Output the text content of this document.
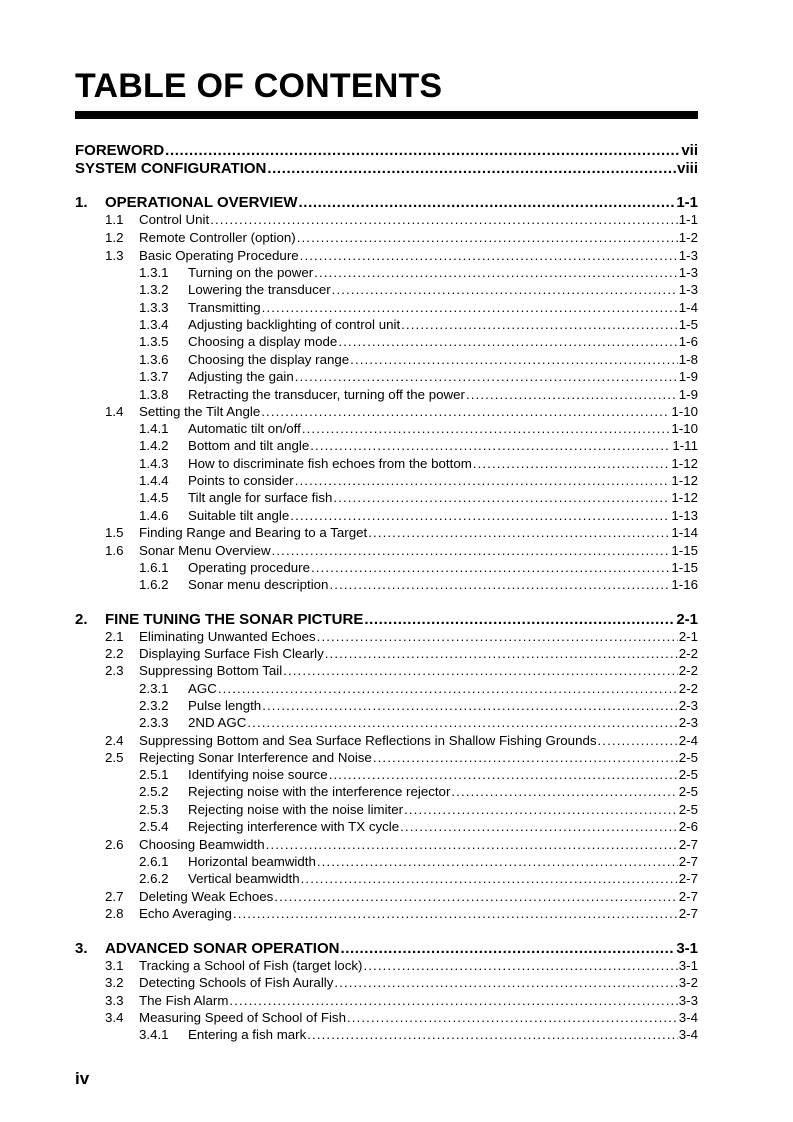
TABLE OF CONTENTS
FOREWORD .....	vii
SYSTEM CONFIGURATION .....	viii
1.	OPERATIONAL OVERVIEW .....	1-1
1.1	Control Unit .....	1-1
1.2	Remote Controller (option) .....	1-2
1.3	Basic Operating Procedure .....	1-3
1.3.1	Turning on the power .....	1-3
1.3.2	Lowering the transducer .....	1-3
1.3.3	Transmitting .....	1-4
1.3.4	Adjusting backlighting of control unit .....	1-5
1.3.5	Choosing a display mode .....	1-6
1.3.6	Choosing the display range .....	1-8
1.3.7	Adjusting the gain .....	1-9
1.3.8	Retracting the transducer, turning off the power .....	1-9
1.4	Setting the Tilt Angle .....	1-10
1.4.1	Automatic tilt on/off .....	1-10
1.4.2	Bottom and tilt angle .....	1-11
1.4.3	How to discriminate fish echoes from the bottom .....	1-12
1.4.4	Points to consider .....	1-12
1.4.5	Tilt angle for surface fish .....	1-12
1.4.6	Suitable tilt angle .....	1-13
1.5	Finding Range and Bearing to a Target .....	1-14
1.6	Sonar Menu Overview .....	1-15
1.6.1	Operating procedure .....	1-15
1.6.2	Sonar menu description .....	1-16
2.	FINE TUNING THE SONAR PICTURE .....	2-1
2.1	Eliminating Unwanted Echoes .....	2-1
2.2	Displaying Surface Fish Clearly .....	2-2
2.3	Suppressing Bottom Tail .....	2-2
2.3.1	AGC .....	2-2
2.3.2	Pulse length .....	2-3
2.3.3	2ND AGC .....	2-3
2.4	Suppressing Bottom and Sea Surface Reflections in Shallow Fishing Grounds .....	2-4
2.5	Rejecting Sonar Interference and Noise .....	2-5
2.5.1	Identifying noise source .....	2-5
2.5.2	Rejecting noise with the interference rejector .....	2-5
2.5.3	Rejecting noise with the noise limiter .....	2-5
2.5.4	Rejecting interference with TX cycle .....	2-6
2.6	Choosing Beamwidth .....	2-7
2.6.1	Horizontal beamwidth .....	2-7
2.6.2	Vertical beamwidth .....	2-7
2.7	Deleting Weak Echoes .....	2-7
2.8	Echo Averaging .....	2-7
3.	ADVANCED SONAR OPERATION .....	3-1
3.1	Tracking a School of Fish (target lock) .....	3-1
3.2	Detecting Schools of Fish Aurally .....	3-2
3.3	The Fish Alarm .....	3-3
3.4	Measuring Speed of School of Fish .....	3-4
3.4.1	Entering a fish mark .....	3-4
iv
